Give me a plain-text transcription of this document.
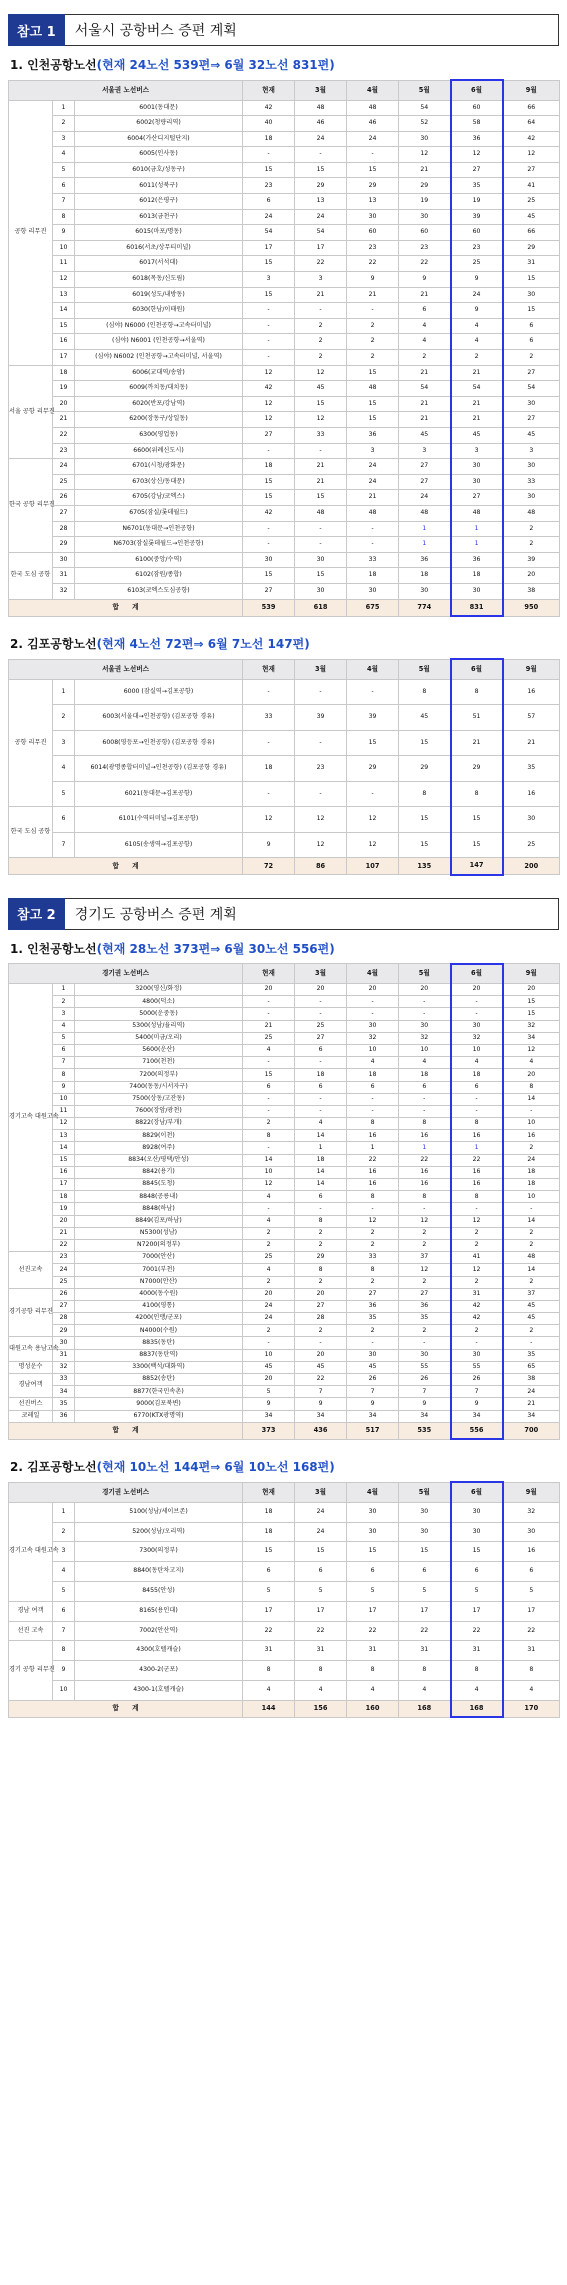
참고 1	서울시 공항버스 증편 계획
1. 인천공항노선(현재 24노선 539편⇒ 6월 32노선 831편)
서울권 노선버스			현재	3월	4월	5월	6월	9월
공항 리무진	1	6001(동대문)	42	48	48	54	60	66
	2	6002(청량리역)	40	46	46	52	58	64
	3	6004(가산디지털단지)	18	24	24	30	36	42
	4	6005(인사동)	-	-	-	12	12	12
	5	6010(금호/성동구)	15	15	15	21	27	27
	6	6011(성북구)	23	29	29	29	35	41
	7	6012(은평구)	6	13	13	19	19	25
	8	6013(금천구)	24	24	30	30	39	45
	9	6015(마포/명동)	54	54	60	60	60	66
	10	6016(서초/상무티미널)	17	17	23	23	23	29
	11	6017(서석대)	15	22	22	22	25	31
	12	6018(목동/신도림)	3	3	9	9	9	15
	13	6019(성도/내방동)	15	21	21	21	24	30
	14	6030(한남/이태원)	-	-	-	6	9	15
	15	(심야) N6000 (인천공항→고속터미널)	-	2	2	4	4	6
	16	(심야) N6001 (인천공항→서울역)	-	2	2	4	4	6
	17	(심야) N6002 (인천공항→고속터미널, 서울역)	-	2	2	2	2	2
서울 공항 리무진	18	6006(교대역/송암)	12	12	15	21	21	27
	19	6009(까치동/대치동)	42	45	48	54	54	54
	20	6020(반포/강남역)	12	15	15	21	21	30
	21	6200(장동구/상일동)	12	12	15	21	21	27
	22	6300(영업동)	27	33	36	45	45	45
	23	6600(위례신도시)	-	-	3	3	3	3
한국 공항 리무진	24	6701(시청/광화문)	18	21	24	27	30	30
	25	6703(상신/동대문)	15	21	24	27	30	33
	26	6705(강남/코엑스)	15	15	21	24	27	30
	27	6705(잠실/롯데월드)	42	48	48	48	48	48
	28	N6701(동대문→인천공항)	-	-	-	1	1	2
	29	N6703(잠실롯데월드→인천공항)	-	-	-	1	1	2
한국 도심 공항	30	6100(중앙/수역)	30	30	33	36	36	39
	31	6102(잠원/종합)	15	15	18	18	18	20
	32	6103(코엑스도심공항)	27	30	30	30	30	38
합　　계			539	618	675	774	831	950
2. 김포공항노선(현재 4노선 72편⇒ 6월 7노선 147편)
서울권 노선버스			현재	3월	4월	5월	6월	9월
공항 리무진	1	6000 (잠실역→김포공항)	-	-	-	8	8	16
	2	6003(서울대→인천공항) (김포공항 경유)	33	39	39	45	51	57
	3	6008(영등포→인천공항) (김포공항 경유)	-	-	15	15	21	21
	4	6014(광명종합터미널→인천공항) (김포공항 경유)	18	23	29	29	29	35
	5	6021(동대문→김포공항)	-	-	-	8	8	16
한국 도심 공항	6	6101(수역터미널→김포공항)	12	12	12	15	15	30
	7	6105(송생역→김포공항)	9	12	12	15	15	25
합　　계			72	86	107	135	147	200
참고 2	경기도 공항버스 증편 계획
1. 인천공항노선(현재 28노선 373편⇒ 6월 30노선 556편)
경기권 노선버스			현재	3월	4월	5월	6월	9월
경기고속 대원고속	1	3200(영신/화정)	20	20	20	20	20	20
	2	4800(덕소)	-	-	-	-	-	15
	3	5000(운중동)	-	-	-	-	-	15
	4	5300(성남/율리역)	21	25	30	30	30	32
	5	5400(미금/오리)	25	27	32	32	32	34
	6	5600(운산)	4	6	10	10	10	12
	7	7100(천천)	-	-	4	4	4	4
	8	7200(의정부)	15	18	18	18	18	20
	9	7400(동동/시서자구)	6	6	6	6	6	8
	10	7500(상동/고잔동)	-	-	-	-	-	14
	11	7600(장암/광천)	-	-	-	-	-	-
	12	8822(장남/부개)	2	4	8	8	8	10
	13	8829(이천)	8	14	16	16	16	16
	14	8928(여주)	-	1	1	1	1	2
	15	8834(오산/평택/안성)	14	18	22	22	22	24
	16	8842(용기)	10	14	16	16	16	18
	17	8845(도청)	12	14	16	16	16	18
	18	8848(공릉내)	4	6	8	8	8	10
	19	8848(하남)	-	-	-	-	-	-
	20	8849(김포/하남)	4	8	12	12	12	14
	21	N5300(성남)	2	2	2	2	2	2
	22	N7200(의정부)	2	2	2	2	2	2
선진고속	23	7000(안산)	25	29	33	37	41	48
	24	7001(부천)	4	8	8	12	12	14
	25	N7000(안산)	2	2	2	2	2	2
경기공항 리무진	26	4000(동수원)	20	20	27	27	31	37
	27	4100(영통)	24	27	36	36	42	45
	28	4200(인맹/군포)	24	28	35	35	42	45
	29	N4000(수원)	2	2	2	2	2	2
대원고속 용남고속	30	8835(동탄)	-	-	-	-	-	-
	31	8837(동탄역)	10	20	30	30	30	35
명성운수	32	3300(백석/대화역)	45	45	45	55	55	65
경남여객	33	8852(송탄)	20	22	26	26	26	38
	34	8877(한국민속촌)	5	7	7	7	7	24
선진버스	35	9000(김포북변)	9	9	9	9	9	21
코레일	36	6770(KTX광명역)	34	34	34	34	34	34
합　　계			373	436	517	535	556	700
2. 김포공항노선(현재 10노선 144편⇒ 6월 10노선 168편)
경기권 노선버스			현재	3월	4월	5월	6월	9월
경기고속 대원고속	1	5100(성남/세이브존)	18	24	30	30	30	32
	2	5200(성남/오리역)	18	24	30	30	30	30
	3	7300(의정부)	15	15	15	15	15	16
	4	8840(동탄차고지)	6	6	6	6	6	6
	5	8455(안성)	5	5	5	5	5	5
경남 여객	6	8165(용인대)	17	17	17	17	17	17
선진 고속	7	7002(안산역)	22	22	22	22	22	22
경기 공항 리무진	8	4300(호텔캐슬)	31	31	31	31	31	31
	9	4300-2(군포)	8	8	8	8	8	8
	10	4300-1(호텔캐슬)	4	4	4	4	4	4
합　　계			144	156	160	168	168	170
